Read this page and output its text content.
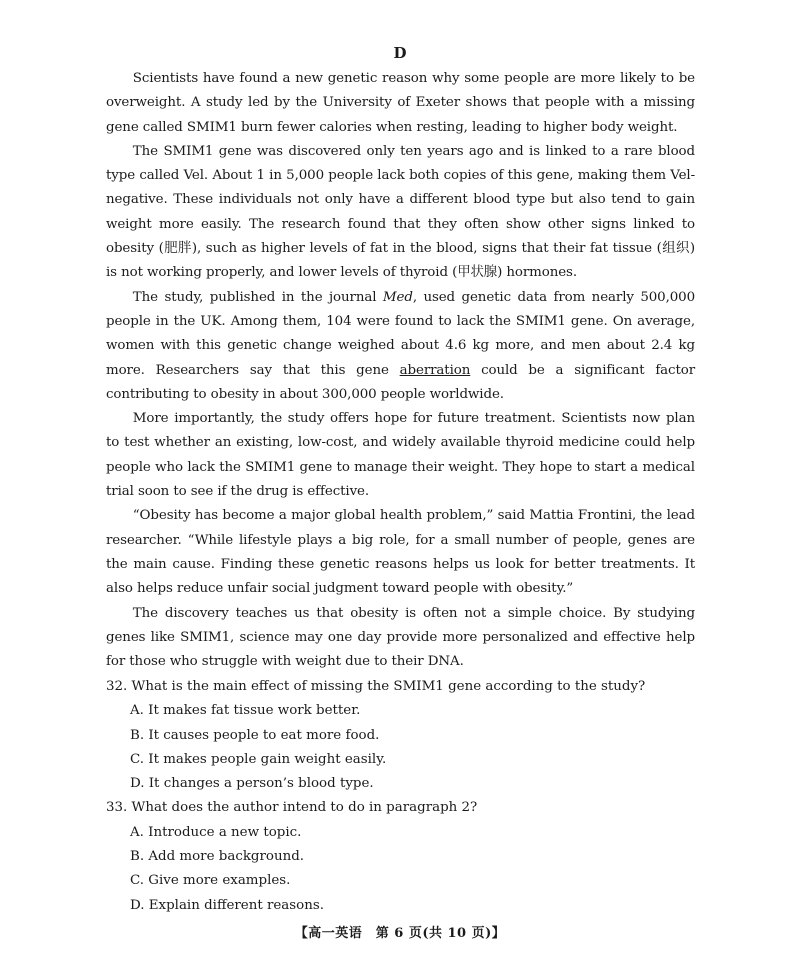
D

Scientists have found a new genetic reason why some people are more likely to be overweight. A study led by the University of Exeter shows that people with a missing gene called SMIM1 burn fewer calories when resting, leading to higher body weight.

The SMIM1 gene was discovered only ten years ago and is linked to a rare blood type called Vel. About 1 in 5,000 people lack both copies of this gene, making them Vel-negative. These individuals not only have a different blood type but also tend to gain weight more easily. The research found that they often show other signs linked to obesity (肥胖), such as higher levels of fat in the blood, signs that their fat tissue (组织) is not working properly, and lower levels of thyroid (甲状腺) hormones.

The study, published in the journal Med, used genetic data from nearly 500,000 people in the UK. Among them, 104 were found to lack the SMIM1 gene. On average, women with this genetic change weighed about 4.6 kg more, and men about 2.4 kg more. Researchers say that this gene aberration could be a significant factor contributing to obesity in about 300,000 people worldwide.

More importantly, the study offers hope for future treatment. Scientists now plan to test whether an existing, low-cost, and widely available thyroid medicine could help people who lack the SMIM1 gene to manage their weight. They hope to start a medical trial soon to see if the drug is effective.

“Obesity has become a major global health problem,” said Mattia Frontini, the lead researcher. “While lifestyle plays a big role, for a small number of people, genes are the main cause. Finding these genetic reasons helps us look for better treatments. It also helps reduce unfair social judgment toward people with obesity.”

The discovery teaches us that obesity is often not a simple choice. By studying genes like SMIM1, science may one day provide more personalized and effective help for those who struggle with weight due to their DNA.

32. What is the main effect of missing the SMIM1 gene according to the study?

A. It makes fat tissue work better.

B. It causes people to eat more food.

C. It makes people gain weight easily.

D. It changes a person’s blood type.

33. What does the author intend to do in paragraph 2?

A. Introduce a new topic.

B. Add more background.

C. Give more examples.

D. Explain different reasons.

【高一英语　第 6 页(共 10 页)】
